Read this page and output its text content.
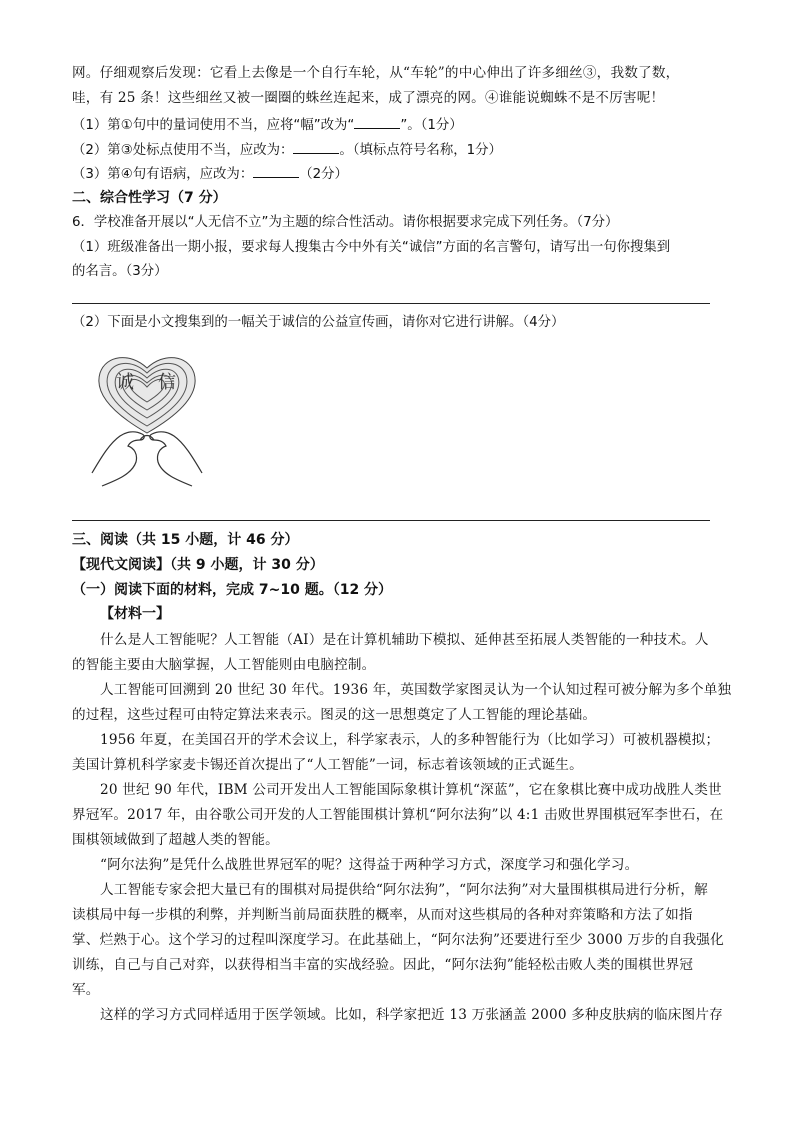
网。仔细观察后发现：它看上去像是一个自行车轮，从“车轮”的中心伸出了许多细丝③，我数了数，
哇，有 25 条！这些细丝又被一圈圈的蛛丝连起来，成了漂亮的网。④谁能说蜘蛛不是不厉害呢！
（1）第①句中的量词使用不当，应将“幅”改为“	”。（1分）
（2）第③处标点使用不当，应改为：	。（填标点符号名称，1分）
（3）第④句有语病，应改为：	（2分）
二、综合性学习（7 分）
6．学校准备开展以“人无信不立”为主题的综合性活动。请你根据要求完成下列任务。（7分）
（1）班级准备出一期小报，要求每人搜集古今中外有关“诚信”方面的名言警句，请写出一句你搜集到
的名言。（3分）
（2）下面是小文搜集到的一幅关于诚信的公益宣传画，请你对它进行讲解。（4分）
诚 信
三、阅读（共 15 小题，计 46 分）
【现代文阅读】（共 9 小题，计 30 分）
（一）阅读下面的材料，完成 7~10 题。（12 分）
【材料一】
什么是人工智能呢？人工智能（AI）是在计算机辅助下模拟、延伸甚至拓展人类智能的一种技术。人
的智能主要由大脑掌握，人工智能则由电脑控制。
人工智能可回溯到 20 世纪 30 年代。1936 年，英国数学家图灵认为一个认知过程可被分解为多个单独
的过程，这些过程可由特定算法来表示。图灵的这一思想奠定了人工智能的理论基础。
1956 年夏，在美国召开的学术会议上，科学家表示，人的多种智能行为（比如学习）可被机器模拟；
美国计算机科学家麦卡锡还首次提出了“人工智能”一词，标志着该领域的正式诞生。
20 世纪 90 年代，IBM 公司开发出人工智能国际象棋计算机“深蓝”，它在象棋比赛中成功战胜人类世
界冠军。2017 年，由谷歌公司开发的人工智能围棋计算机“阿尔法狗”以 4:1 击败世界围棋冠军李世石，在
围棋领域做到了超越人类的智能。
“阿尔法狗”是凭什么战胜世界冠军的呢？这得益于两种学习方式，深度学习和强化学习。
人工智能专家会把大量已有的围棋对局提供给“阿尔法狗”，“阿尔法狗”对大量围棋棋局进行分析，解
读棋局中每一步棋的利弊，并判断当前局面获胜的概率，从而对这些棋局的各种对弈策略和方法了如指
掌、烂熟于心。这个学习的过程叫深度学习。在此基础上，“阿尔法狗”还要进行至少 3000 万步的自我强化
训练，自己与自己对弈，以获得相当丰富的实战经验。因此，“阿尔法狗”能轻松击败人类的围棋世界冠
军。
这样的学习方式同样适用于医学领域。比如，科学家把近 13 万张涵盖 2000 多种皮肤病的临床图片存
